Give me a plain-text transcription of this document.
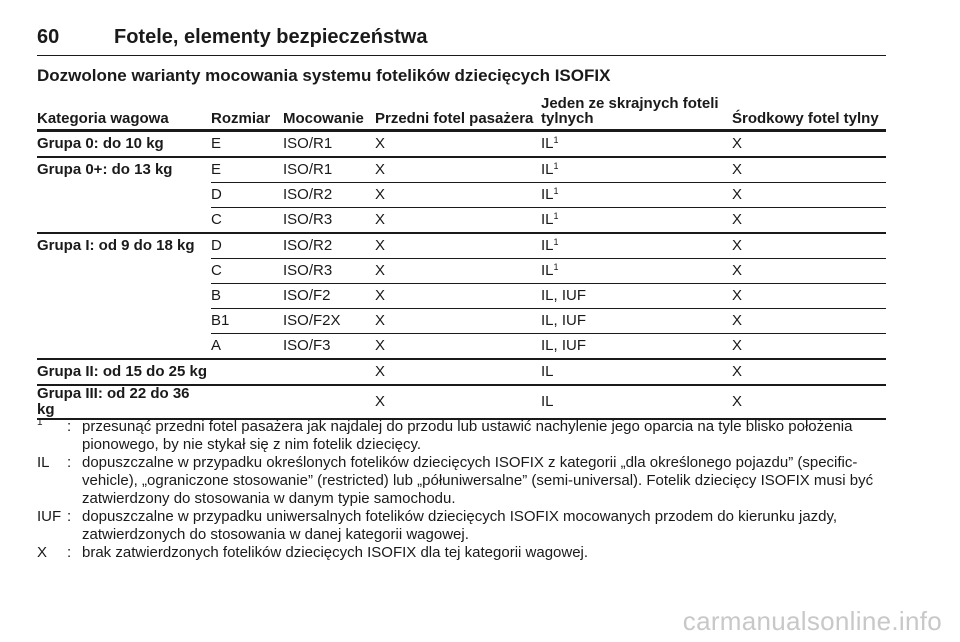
60	Fotele, elementy bezpieczeństwa
Dozwolone warianty mocowania systemu fotelików dziecięcych ISOFIX
Kategoria wagowa	Rozmiar	Mocowanie	Przedni fotel pasażera	Jeden ze skrajnych foteli tylnych	Środkowy fotel tylny
Grupa 0: do 10 kg	E	ISO/R1	X	$IL^1$	X
Grupa 0+: do 13 kg	E	ISO/R1	X	$IL^1$	X
	D	ISO/R2	X	$IL^1$	X
	C	ISO/R3	X	$IL^1$	X
Grupa I: od 9 do 18 kg	D	ISO/R2	X	$IL^1$	X
	C	ISO/R3	X	$IL^1$	X
	B	ISO/F2	X	IL, IUF	X
	B1	ISO/F2X	X	IL, IUF	X
	A	ISO/F3	X	IL, IUF	X
Grupa II: od 15 do 25 kg			X	IL	X
Grupa III: od 22 do 36 kg			X	IL	X
$^1$	: przesunąć przedni fotel pasażera jak najdalej do przodu lub ustawić nachylenie jego oparcia na tyle blisko położenia pionowego, by nie stykał się z nim fotelik dziecięcy.
IL	: dopuszczalne w przypadku określonych fotelików dziecięcych ISOFIX z kategorii „dla określonego pojazdu” (specific-vehicle), „ograniczone stosowanie” (restricted) lub „półuniwersalne” (semi-universal). Fotelik dziecięcy ISOFIX musi być zatwierdzony do stosowania w danym typie samochodu.
IUF : dopuszczalne w przypadku uniwersalnych fotelików dziecięcych ISOFIX mocowanych przodem do kierunku jazdy, zatwierdzonych do stosowania w danej kategorii wagowej.
X	: brak zatwierdzonych fotelików dziecięcych ISOFIX dla tej kategorii wagowej.
carmanualsonline.info
